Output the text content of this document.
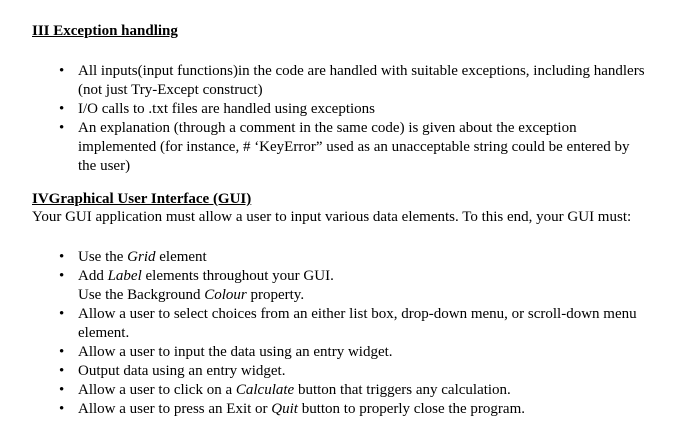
III Exception handling
• All inputs(input functions)in the code are handled with suitable exceptions, including handlers (not just Try-Except construct)
• I/O calls to .txt files are handled using exceptions
• An explanation (through a comment in the same code) is given about the exception implemented (for instance, # ‘KeyError” used as an unacceptable string could be entered by the user)
IVGraphical User Interface (GUI)
Your GUI application must allow a user to input various data elements. To this end, your GUI must:
• Use the Grid element
• Add Label elements throughout your GUI.
Use the Background Colour property.
• Allow a user to select choices from an either list box, drop-down menu, or scroll-down menu element.
• Allow a user to input the data using an entry widget.
• Output data using an entry widget.
• Allow a user to click on a Calculate button that triggers any calculation.
• Allow a user to press an Exit or Quit button to properly close the program.
